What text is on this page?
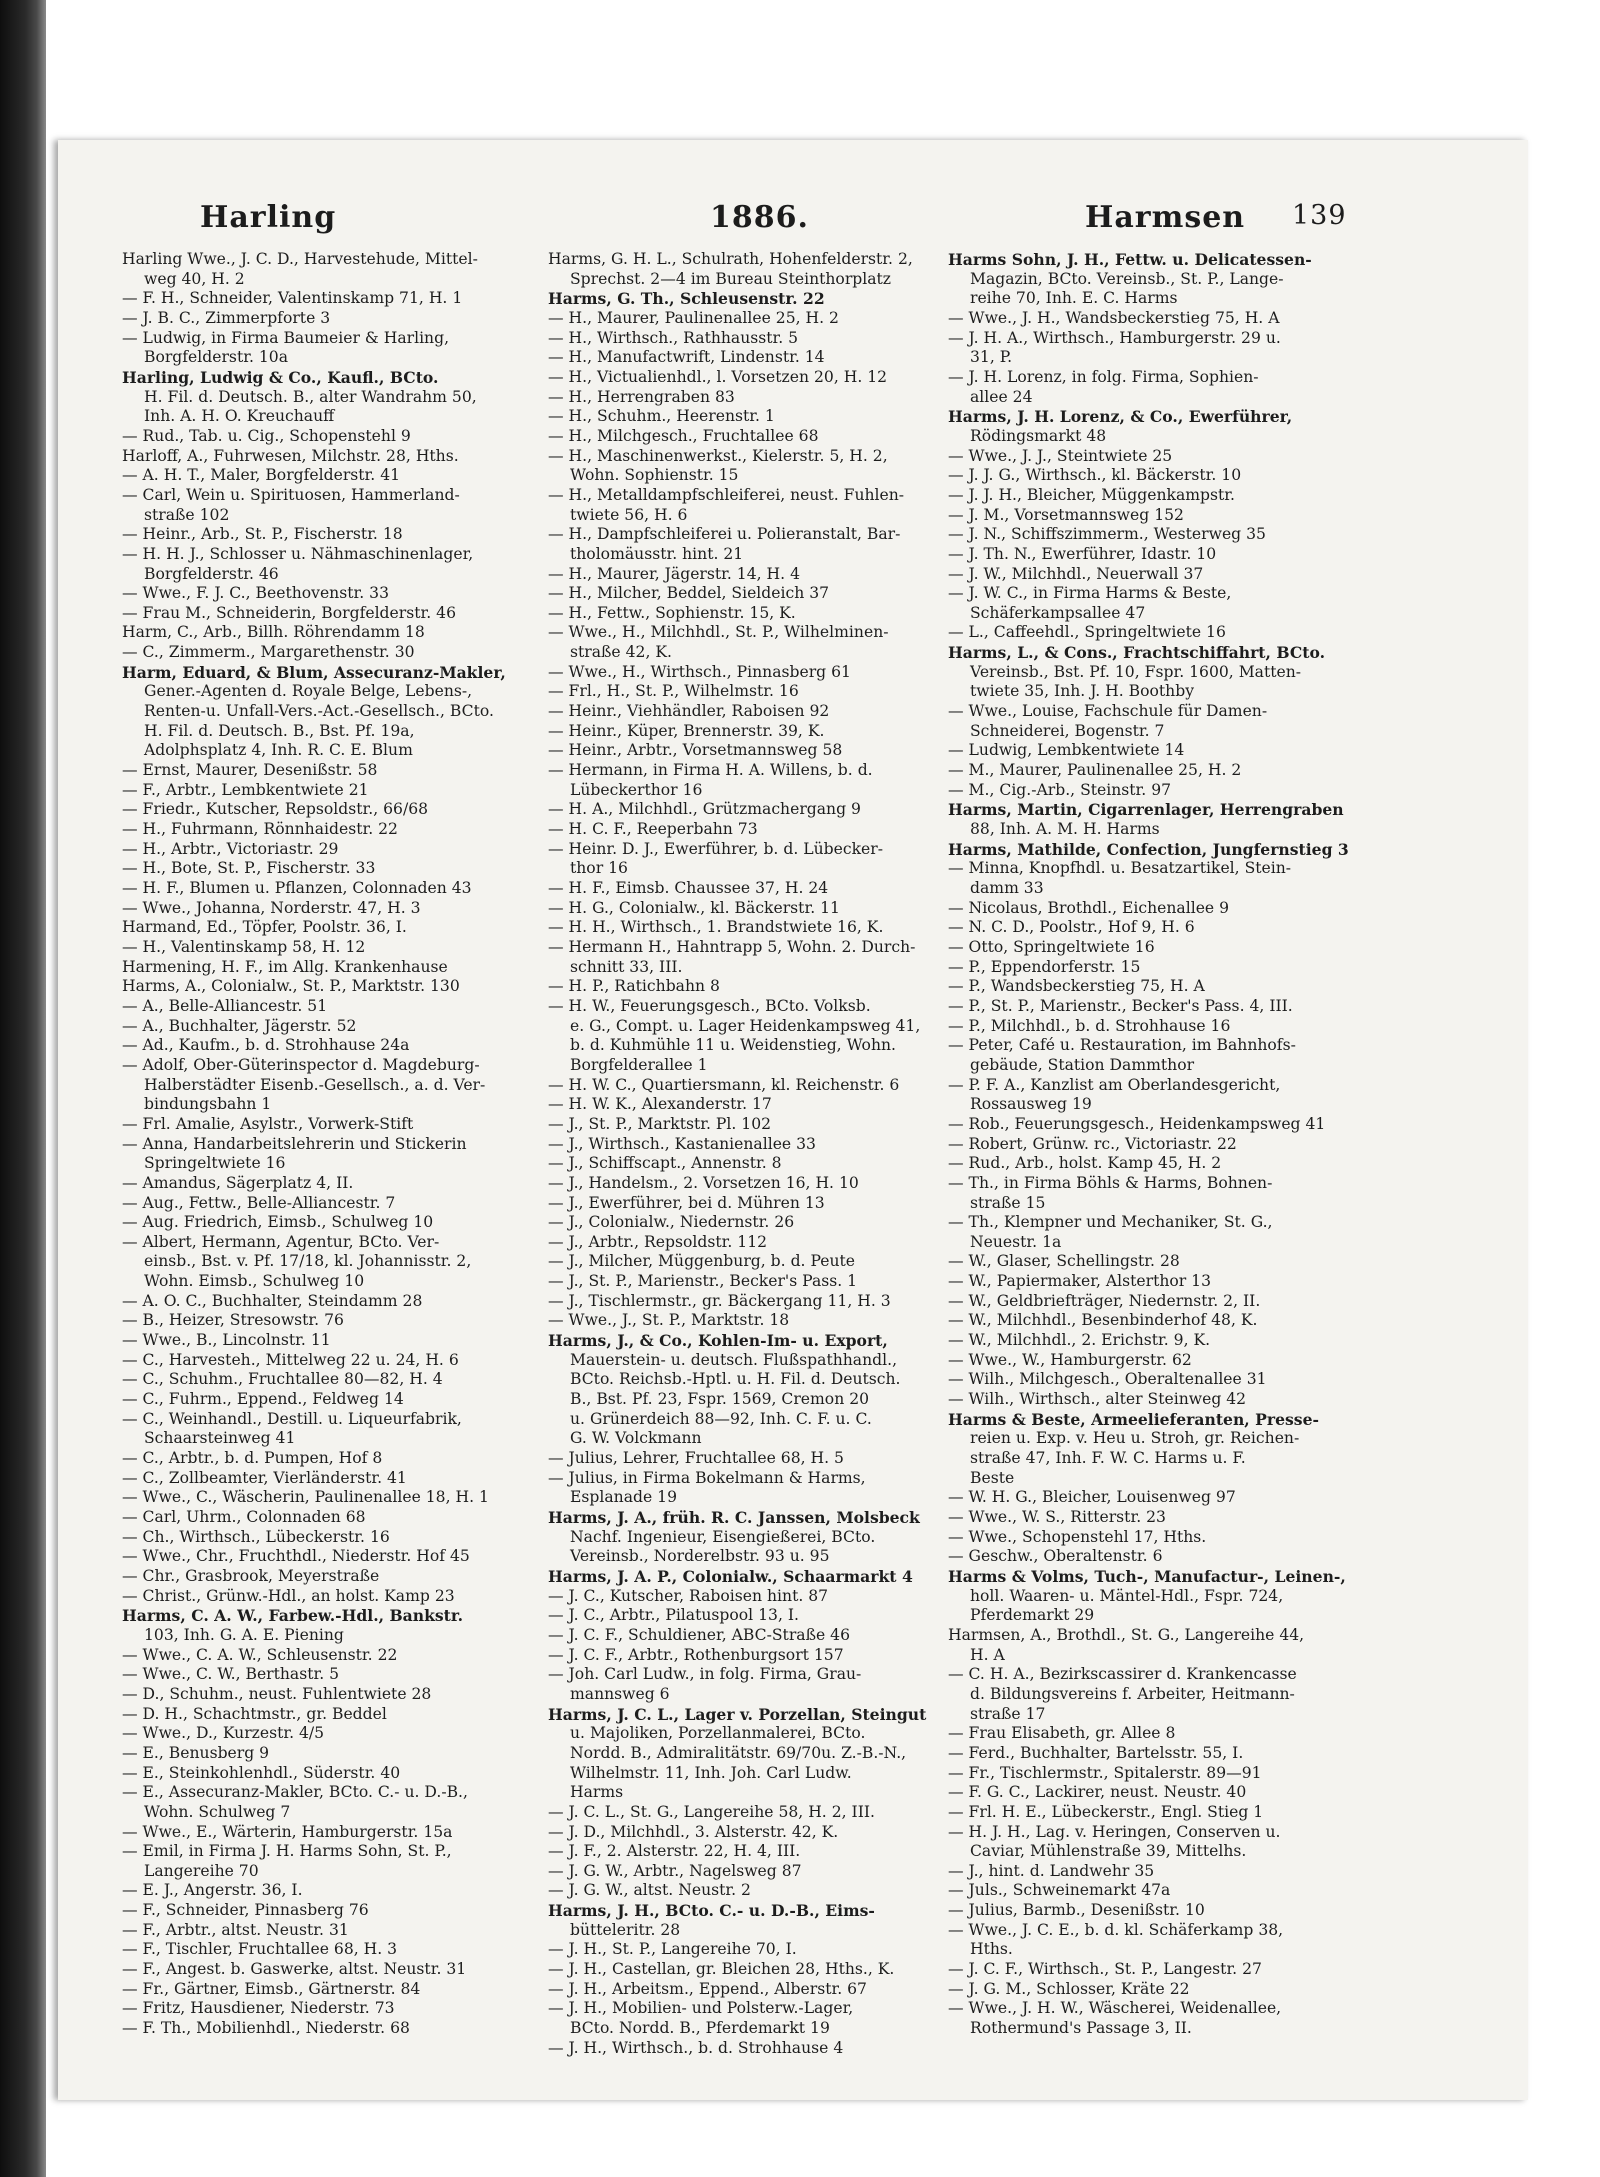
Harling	1886.	Harmsen 139
Harling Wwe., J. C. D., Harvestehude, Mittel-
weg 40, H. 2
— F. H., Schneider, Valentinskamp 71, H. 1
— J. B. C., Zimmerpforte 3
— Ludwig, in Firma Baumeier & Harling,
Borgfelderstr. 10a
Harling, Ludwig & Co., Kaufl., BCto.
H. Fil. d. Deutsch. B., alter Wandrahm 50,
Inh. A. H. O. Kreuchauff
— Rud., Tab. u. Cig., Schopenstehl 9
Harloff, A., Fuhrwesen, Milchstr. 28, Hths.
— A. H. T., Maler, Borgfelderstr. 41
— Carl, Wein u. Spirituosen, Hammerland-
straße 102
— Heinr., Arb., St. P., Fischerstr. 18
— H. H. J., Schlosser u. Nähmaschinenlager,
Borgfelderstr. 46
— Wwe., F. J. C., Beethovenstr. 33
— Frau M., Schneiderin, Borgfelderstr. 46
Harm, C., Arb., Billh. Röhrendamm 18
— C., Zimmerm., Margarethenstr. 30
Harm, Eduard, & Blum, Assecuranz-Makler,
Gener.-Agenten d. Royale Belge, Lebens-,
Renten-u. Unfall-Vers.-Act.-Gesellsch., BCto.
H. Fil. d. Deutsch. B., Bst. Pf. 19a,
Adolphsplatz 4, Inh. R. C. E. Blum
— Ernst, Maurer, Desenißstr. 58
— F., Arbtr., Lembkentwiete 21
— Friedr., Kutscher, Repsoldstr., 66/68
— H., Fuhrmann, Rönnhaidestr. 22
— H., Arbtr., Victoriastr. 29
— H., Bote, St. P., Fischerstr. 33
— H. F., Blumen u. Pflanzen, Colonnaden 43
— Wwe., Johanna, Norderstr. 47, H. 3
Harmand, Ed., Töpfer, Poolstr. 36, I.
— H., Valentinskamp 58, H. 12
Harmening, H. F., im Allg. Krankenhause
Harms, A., Colonialw., St. P., Marktstr. 130
— A., Belle-Alliancestr. 51
— A., Buchhalter, Jägerstr. 52
— Ad., Kaufm., b. d. Strohhause 24a
— Adolf, Ober-Güterinspector d. Magdeburg-
Halberstädter Eisenb.-Gesellsch., a. d. Ver-
bindungsbahn 1
— Frl. Amalie, Asylstr., Vorwerk-Stift
— Anna, Handarbeitslehrerin und Stickerin
Springeltwiete 16
— Amandus, Sägerplatz 4, II.
— Aug., Fettw., Belle-Alliancestr. 7
— Aug. Friedrich, Eimsb., Schulweg 10
— Albert, Hermann, Agentur, BCto. Ver-
einsb., Bst. v. Pf. 17/18, kl. Johannisstr. 2,
Wohn. Eimsb., Schulweg 10
— A. O. C., Buchhalter, Steindamm 28
— B., Heizer, Stresowstr. 76
— Wwe., B., Lincolnstr. 11
— C., Harvesteh., Mittelweg 22 u. 24, H. 6
— C., Schuhm., Fruchtallee 80—82, H. 4
— C., Fuhrm., Eppend., Feldweg 14
— C., Weinhandl., Destill. u. Liqueurfabrik,
Schaarsteinweg 41
— C., Arbtr., b. d. Pumpen, Hof 8
— C., Zollbeamter, Vierländerstr. 41
— Wwe., C., Wäscherin, Paulinenallee 18, H. 1
— Carl, Uhrm., Colonnaden 68
— Ch., Wirthsch., Lübeckerstr. 16
— Wwe., Chr., Fruchthdl., Niederstr. Hof 45
— Chr., Grasbrook, Meyerstraße
— Christ., Grünw.-Hdl., an holst. Kamp 23
Harms, C. A. W., Farbew.-Hdl., Bankstr.
103, Inh. G. A. E. Piening
— Wwe., C. A. W., Schleusenstr. 22
— Wwe., C. W., Berthastr. 5
— D., Schuhm., neust. Fuhlentwiete 28
— D. H., Schachtmstr., gr. Beddel
— Wwe., D., Kurzestr. 4/5
— E., Benusberg 9
— E., Steinkohlenhdl., Süderstr. 40
— E., Assecuranz-Makler, BCto. C.- u. D.-B.,
Wohn. Schulweg 7
— Wwe., E., Wärterin, Hamburgerstr. 15a
— Emil, in Firma J. H. Harms Sohn, St. P.,
Langereihe 70
— E. J., Angerstr. 36, I.
— F., Schneider, Pinnasberg 76
— F., Arbtr., altst. Neustr. 31
— F., Tischler, Fruchtallee 68, H. 3
— F., Angest. b. Gaswerke, altst. Neustr. 31
— Fr., Gärtner, Eimsb., Gärtnerstr. 84
— Fritz, Hausdiener, Niederstr. 73
— F. Th., Mobilienhdl., Niederstr. 68
Harms, G. H. L., Schulrath, Hohenfelderstr. 2,
Sprechst. 2—4 im Bureau Steinthorplatz
Harms, G. Th., Schleusenstr. 22
— H., Maurer, Paulinenallee 25, H. 2
— H., Wirthsch., Rathhausstr. 5
— H., Manufactwrift, Lindenstr. 14
— H., Victualienhdl., l. Vorsetzen 20, H. 12
— H., Herrengraben 83
— H., Schuhm., Heerenstr. 1
— H., Milchgesch., Fruchtallee 68
— H., Maschinenwerkst., Kielerstr. 5, H. 2,
Wohn. Sophienstr. 15
— H., Metalldampfschleiferei, neust. Fuhlen-
twiete 56, H. 6
— H., Dampfschleiferei u. Polieranstalt, Bar-
tholomäusstr. hint. 21
— H., Maurer, Jägerstr. 14, H. 4
— H., Milcher, Beddel, Sieldeich 37
— H., Fettw., Sophienstr. 15, K.
— Wwe., H., Milchhdl., St. P., Wilhelminen-
straße 42, K.
— Wwe., H., Wirthsch., Pinnasberg 61
— Frl., H., St. P., Wilhelmstr. 16
— Heinr., Viehhändler, Raboisen 92
— Heinr., Küper, Brennerstr. 39, K.
— Heinr., Arbtr., Vorsetmannsweg 58
— Hermann, in Firma H. A. Willens, b. d.
Lübeckerthor 16
— H. A., Milchhdl., Grützmachergang 9
— H. C. F., Reeperbahn 73
— Heinr. D. J., Ewerführer, b. d. Lübecker-
thor 16
— H. F., Eimsb. Chaussee 37, H. 24
— H. G., Colonialw., kl. Bäckerstr. 11
— H. H., Wirthsch., 1. Brandstwiete 16, K.
— Hermann H., Hahntrapp 5, Wohn. 2. Durch-
schnitt 33, III.
— H. P., Ratichbahn 8
— H. W., Feuerungsgesch., BCto. Volksb.
e. G., Compt. u. Lager Heidenkampsweg 41,
b. d. Kuhmühle 11 u. Weidenstieg, Wohn.
Borgfelderallee 1
— H. W. C., Quartiersmann, kl. Reichenstr. 6
— H. W. K., Alexanderstr. 17
— J., St. P., Marktstr. Pl. 102
— J., Wirthsch., Kastanienallee 33
— J., Schiffscapt., Annenstr. 8
— J., Handelsm., 2. Vorsetzen 16, H. 10
— J., Ewerführer, bei d. Mühren 13
— J., Colonialw., Niedernstr. 26
— J., Arbtr., Repsoldstr. 112
— J., Milcher, Müggenburg, b. d. Peute
— J., St. P., Marienstr., Becker's Pass. 1
— J., Tischlermstr., gr. Bäckergang 11, H. 3
— Wwe., J., St. P., Marktstr. 18
Harms, J., & Co., Kohlen-Im- u. Export,
Mauerstein- u. deutsch. Flußspathhandl.,
BCto. Reichsb.-Hptl. u. H. Fil. d. Deutsch.
B., Bst. Pf. 23, Fspr. 1569, Cremon 20
u. Grünerdeich 88—92, Inh. C. F. u. C.
G. W. Volckmann
— Julius, Lehrer, Fruchtallee 68, H. 5
— Julius, in Firma Bokelmann & Harms,
Esplanade 19
Harms, J. A., früh. R. C. Janssen, Molsbeck
Nachf. Ingenieur, Eisengießerei, BCto.
Vereinsb., Norderelbstr. 93 u. 95
Harms, J. A. P., Colonialw., Schaarmarkt 4
— J. C., Kutscher, Raboisen hint. 87
— J. C., Arbtr., Pilatuspool 13, I.
— J. C. F., Schuldiener, ABC-Straße 46
— J. C. F., Arbtr., Rothenburgsort 157
— Joh. Carl Ludw., in folg. Firma, Grau-
mannsweg 6
Harms, J. C. L., Lager v. Porzellan, Steingut
u. Majoliken, Porzellanmalerei, BCto.
Nordd. B., Admiralitätstr. 69/70u. Z.-B.-N.,
Wilhelmstr. 11, Inh. Joh. Carl Ludw.
Harms
— J. C. L., St. G., Langereihe 58, H. 2, III.
— J. D., Milchhdl., 3. Alsterstr. 42, K.
— J. F., 2. Alsterstr. 22, H. 4, III.
— J. G. W., Arbtr., Nagelsweg 87
— J. G. W., altst. Neustr. 2
Harms, J. H., BCto. C.- u. D.-B., Eims-
bütteleritr. 28
— J. H., St. P., Langereihe 70, I.
— J. H., Castellan, gr. Bleichen 28, Hths., K.
— J. H., Arbeitsm., Eppend., Alberstr. 67
— J. H., Mobilien- und Polsterw.-Lager,
BCto. Nordd. B., Pferdemarkt 19
— J. H., Wirthsch., b. d. Strohhause 4
Harms Sohn, J. H., Fettw. u. Delicatessen-
Magazin, BCto. Vereinsb., St. P., Lange-
reihe 70, Inh. E. C. Harms
— Wwe., J. H., Wandsbeckerstieg 75, H. A
— J. H. A., Wirthsch., Hamburgerstr. 29 u.
31, P.
— J. H. Lorenz, in folg. Firma, Sophien-
allee 24
Harms, J. H. Lorenz, & Co., Ewerführer,
Rödingsmarkt 48
— Wwe., J. J., Steintwiete 25
— J. J. G., Wirthsch., kl. Bäckerstr. 10
— J. J. H., Bleicher, Müggenkampstr.
— J. M., Vorsetmannsweg 152
— J. N., Schiffszimmerm., Westerweg 35
— J. Th. N., Ewerführer, Idastr. 10
— J. W., Milchhdl., Neuerwall 37
— J. W. C., in Firma Harms & Beste,
Schäferkampsallee 47
— L., Caffeehdl., Springeltwiete 16
Harms, L., & Cons., Frachtschiffahrt, BCto.
Vereinsb., Bst. Pf. 10, Fspr. 1600, Matten-
twiete 35, Inh. J. H. Boothby
— Wwe., Louise, Fachschule für Damen-
Schneiderei, Bogenstr. 7
— Ludwig, Lembkentwiete 14
— M., Maurer, Paulinenallee 25, H. 2
— M., Cig.-Arb., Steinstr. 97
Harms, Martin, Cigarrenlager, Herrengraben
88, Inh. A. M. H. Harms
Harms, Mathilde, Confection, Jungfernstieg 3
— Minna, Knopfhdl. u. Besatzartikel, Stein-
damm 33
— Nicolaus, Brothdl., Eichenallee 9
— N. C. D., Poolstr., Hof 9, H. 6
— Otto, Springeltwiete 16
— P., Eppendorferstr. 15
— P., Wandsbeckerstieg 75, H. A
— P., St. P., Marienstr., Becker's Pass. 4, III.
— P., Milchhdl., b. d. Strohhause 16
— Peter, Café u. Restauration, im Bahnhofs-
gebäude, Station Dammthor
— P. F. A., Kanzlist am Oberlandesgericht,
Rossausweg 19
— Rob., Feuerungsgesch., Heidenkampsweg 41
— Robert, Grünw. rc., Victoriastr. 22
— Rud., Arb., holst. Kamp 45, H. 2
— Th., in Firma Böhls & Harms, Bohnen-
straße 15
— Th., Klempner und Mechaniker, St. G.,
Neuestr. 1a
— W., Glaser, Schellingstr. 28
— W., Papiermaker, Alsterthor 13
— W., Geldbriefträger, Niedernstr. 2, II.
— W., Milchhdl., Besenbinderhof 48, K.
— W., Milchhdl., 2. Erichstr. 9, K.
— Wwe., W., Hamburgerstr. 62
— Wilh., Milchgesch., Oberaltenallee 31
— Wilh., Wirthsch., alter Steinweg 42
Harms & Beste, Armeelieferanten, Presse-
reien u. Exp. v. Heu u. Stroh, gr. Reichen-
straße 47, Inh. F. W. C. Harms u. F.
Beste
— W. H. G., Bleicher, Louisenweg 97
— Wwe., W. S., Ritterstr. 23
— Wwe., Schopenstehl 17, Hths.
— Geschw., Oberaltenstr. 6
Harms & Volms, Tuch-, Manufactur-, Leinen-,
holl. Waaren- u. Mäntel-Hdl., Fspr. 724,
Pferdemarkt 29
Harmsen, A., Brothdl., St. G., Langereihe 44,
H. A
— C. H. A., Bezirkscassirer d. Krankencasse
d. Bildungsvereins f. Arbeiter, Heitmann-
straße 17
— Frau Elisabeth, gr. Allee 8
— Ferd., Buchhalter, Bartelsstr. 55, I.
— Fr., Tischlermstr., Spitalerstr. 89—91
— F. G. C., Lackirer, neust. Neustr. 40
— Frl. H. E., Lübeckerstr., Engl. Stieg 1
— H. J. H., Lag. v. Heringen, Conserven u.
Caviar, Mühlenstraße 39, Mittelhs.
— J., hint. d. Landwehr 35
— Juls., Schweinemarkt 47a
— Julius, Barmb., Desenißstr. 10
— Wwe., J. C. E., b. d. kl. Schäferkamp 38,
Hths.
— J. C. F., Wirthsch., St. P., Langestr. 27
— J. G. M., Schlosser, Kräte 22
— Wwe., J. H. W., Wäscherei, Weidenallee,
Rothermund's Passage 3, II.
